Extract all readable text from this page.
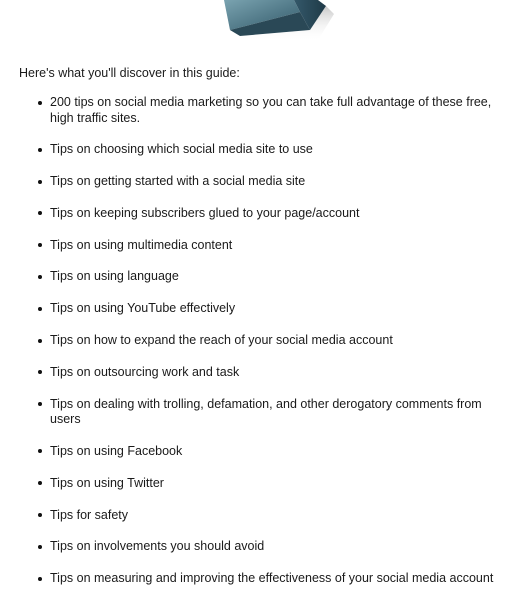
Here's what you'll discover in this guide:

200 tips on social media marketing so you can take full advantage of these free, high traffic sites.
Tips on choosing which social media site to use
Tips on getting started with a social media site
Tips on keeping subscribers glued to your page/account
Tips on using multimedia content
Tips on using language
Tips on using YouTube effectively
Tips on how to expand the reach of your social media account
Tips on outsourcing work and task
Tips on dealing with trolling, defamation, and other derogatory comments from users
Tips on using Facebook
Tips on using Twitter
Tips for safety
Tips on involvements you should avoid
Tips on measuring and improving the effectiveness of your social media account
